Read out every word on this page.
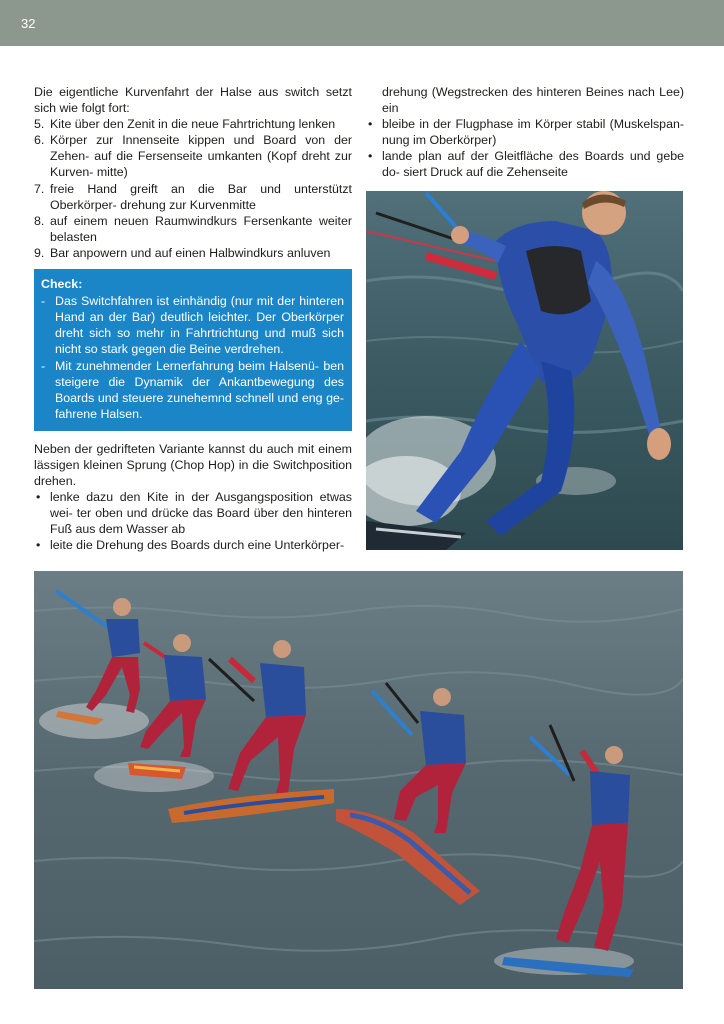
32

Die eigentliche Kurvenfahrt der Halse aus switch setzt sich wie folgt fort:

5. Kite über den Zenit in die neue Fahrtrichtung lenken
6. Körper zur Innenseite kippen und Board von der Zehen- auf die Fersenseite umkanten (Kopf dreht zur Kurven- mitte)
7. freie Hand greift an die Bar und unterstützt Oberkörper- drehung zur Kurvenmitte
8. auf einem neuen Raumwindkurs Fersenkante weiter belasten
9. Bar anpowern und auf einen Halbwindkurs anluven
Check:
- Das Switchfahren ist einhändig (nur mit der hinteren Hand an der Bar) deutlich leichter. Der Oberkörper dreht sich so mehr in Fahrtrichtung und muß sich nicht so stark gegen die Beine verdrehen.
- Mit zunehmender Lernerfahrung beim Halsenü- ben steigere die Dynamik der Ankantbewegung des Boards und steuere zunehemnd schnell und eng ge- fahrene Halsen.

Neben der gedrifteten Variante kannst du auch mit einem lässigen kleinen Sprung (Chop Hop) in die Switchposition drehen.

• lenke dazu den Kite in der Ausgangsposition etwas wei- ter oben und drücke das Board über den hinteren Fuß aus dem Wasser ab
• leite die Drehung des Boards durch eine Unterkörper-
drehung (Wegstrecken des hinteren Beines nach Lee) ein
• bleibe in der Flugphase im Körper stabil (Muskelspan- nung im Oberkörper)
• lande plan auf der Gleitfläche des Boards und gebe do- siert Druck auf die Zehenseite
